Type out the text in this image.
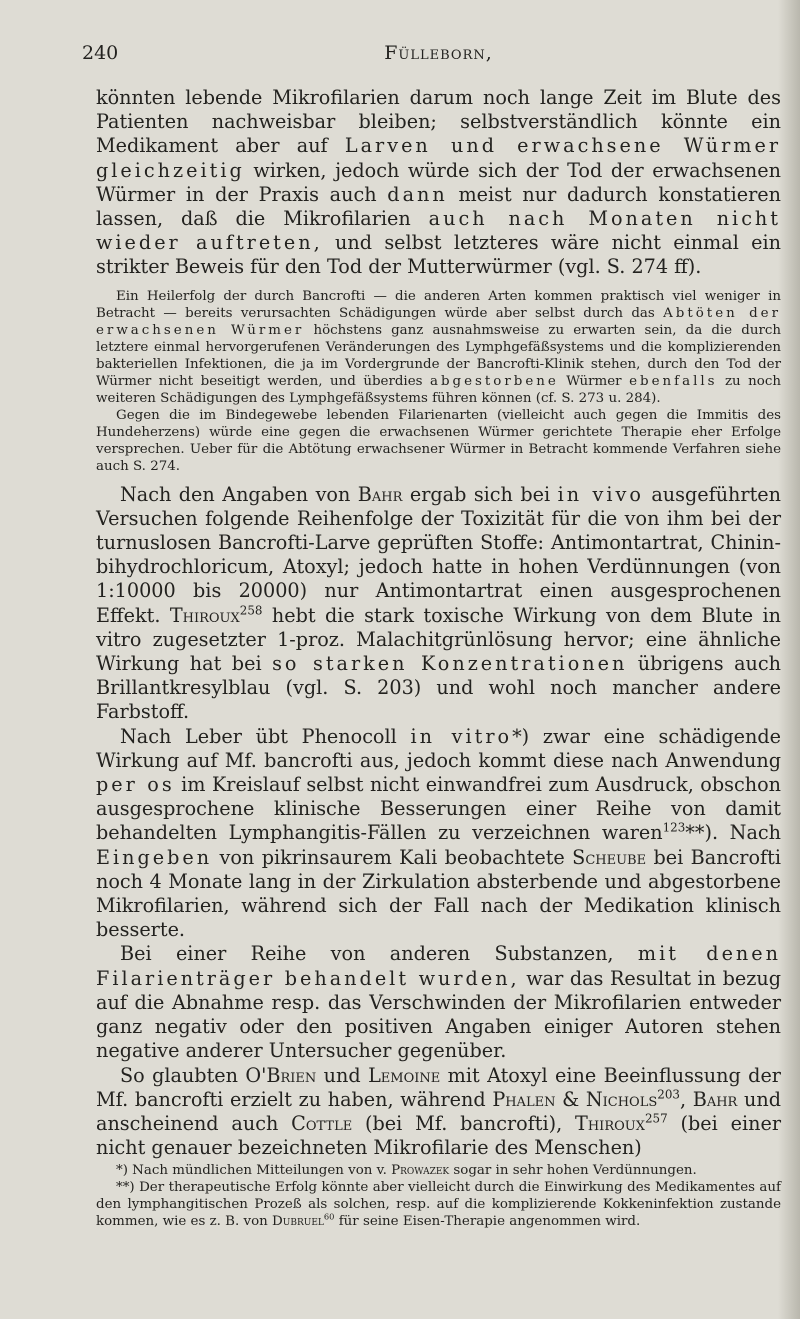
240	Fülleborn,

könnten lebende Mikrofilarien darum noch lange Zeit im Blute des Patienten nachweisbar bleiben; selbstverständlich könnte ein Medikament aber auf Larven und erwachsene Würmer gleichzeitig wirken, jedoch würde sich der Tod der erwachsenen Würmer in der Praxis auch dann meist nur dadurch konstatieren lassen, daß die Mikrofilarien auch nach Monaten nicht wieder auftreten, und selbst letzteres wäre nicht einmal ein strikter Beweis für den Tod der Mutterwürmer (vgl. S. 274 ff).

Ein Heilerfolg der durch Bancrofti — die anderen Arten kommen praktisch viel weniger in Betracht — bereits verursachten Schädigungen würde aber selbst durch das Abtöten der erwachsenen Würmer höchstens ganz ausnahmsweise zu erwarten sein, da die durch letztere einmal hervorgerufenen Veränderungen des Lymphgefäßsystems und die komplizierenden bakteriellen Infektionen, die ja im Vordergrunde der Bancrofti-Klinik stehen, durch den Tod der Würmer nicht beseitigt werden, und überdies abgestorbene Würmer ebenfalls zu noch weiteren Schädigungen des Lymphgefäßsystems führen können (cf. S. 273 u. 284).

Gegen die im Bindegewebe lebenden Filarienarten (vielleicht auch gegen die Immitis des Hundeherzens) würde eine gegen die erwachsenen Würmer gerichtete Therapie eher Erfolge versprechen. Ueber für die Abtötung erwachsener Würmer in Betracht kommende Verfahren siehe auch S. 274.

Nach den Angaben von Bahr ergab sich bei in vivo ausgeführten Versuchen folgende Reihenfolge der Toxizität für die von ihm bei der turnuslosen Bancrofti-Larve geprüften Stoffe: Antimontartrat, Chinin-bihydrochloricum, Atoxyl; jedoch hatte in hohen Verdünnungen (von 1:10000 bis 20000) nur Antimontartrat einen ausgesprochenen Effekt. Thiroux$^{258}$ hebt die stark toxische Wirkung von dem Blute in vitro zugesetzter 1-proz. Malachitgrünlösung hervor; eine ähnliche Wirkung hat bei so starken Konzentrationen übrigens auch Brillantkresylblau (vgl. S. 203) und wohl noch mancher andere Farbstoff.

Nach Leber übt Phenocoll in vitro*) zwar eine schädigende Wirkung auf Mf. bancrofti aus, jedoch kommt diese nach Anwendung per os im Kreislauf selbst nicht einwandfrei zum Ausdruck, obschon ausgesprochene klinische Besserungen einer Reihe von damit behandelten Lymphangitis-Fällen zu verzeichnen waren$^{123}$**). Nach Eingeben von pikrinsaurem Kali beobachtete Scheube bei Bancrofti noch 4 Monate lang in der Zirkulation absterbende und abgestorbene Mikrofilarien, während sich der Fall nach der Medikation klinisch besserte.

Bei einer Reihe von anderen Substanzen, mit denen Filarienträger behandelt wurden, war das Resultat in bezug auf die Abnahme resp. das Verschwinden der Mikrofilarien entweder ganz negativ oder den positiven Angaben einiger Autoren stehen negative anderer Untersucher gegenüber.

So glaubten O'Brien und Lemoine mit Atoxyl eine Beeinflussung der Mf. bancrofti erzielt zu haben, während Phalen & Nichols$^{203}$, Bahr und anscheinend auch Cottle (bei Mf. bancrofti), Thiroux$^{257}$ (bei einer nicht genauer bezeichneten Mikrofilarie des Menschen)

*) Nach mündlichen Mitteilungen von v. Prowazek sogar in sehr hohen Verdünnungen.

**) Der therapeutische Erfolg könnte aber vielleicht durch die Einwirkung des Medikamentes auf den lymphangitischen Prozeß als solchen, resp. auf die komplizierende Kokkeninfektion zustande kommen, wie es z. B. von Dubruel$^{60}$ für seine Eisen-Therapie angenommen wird.
